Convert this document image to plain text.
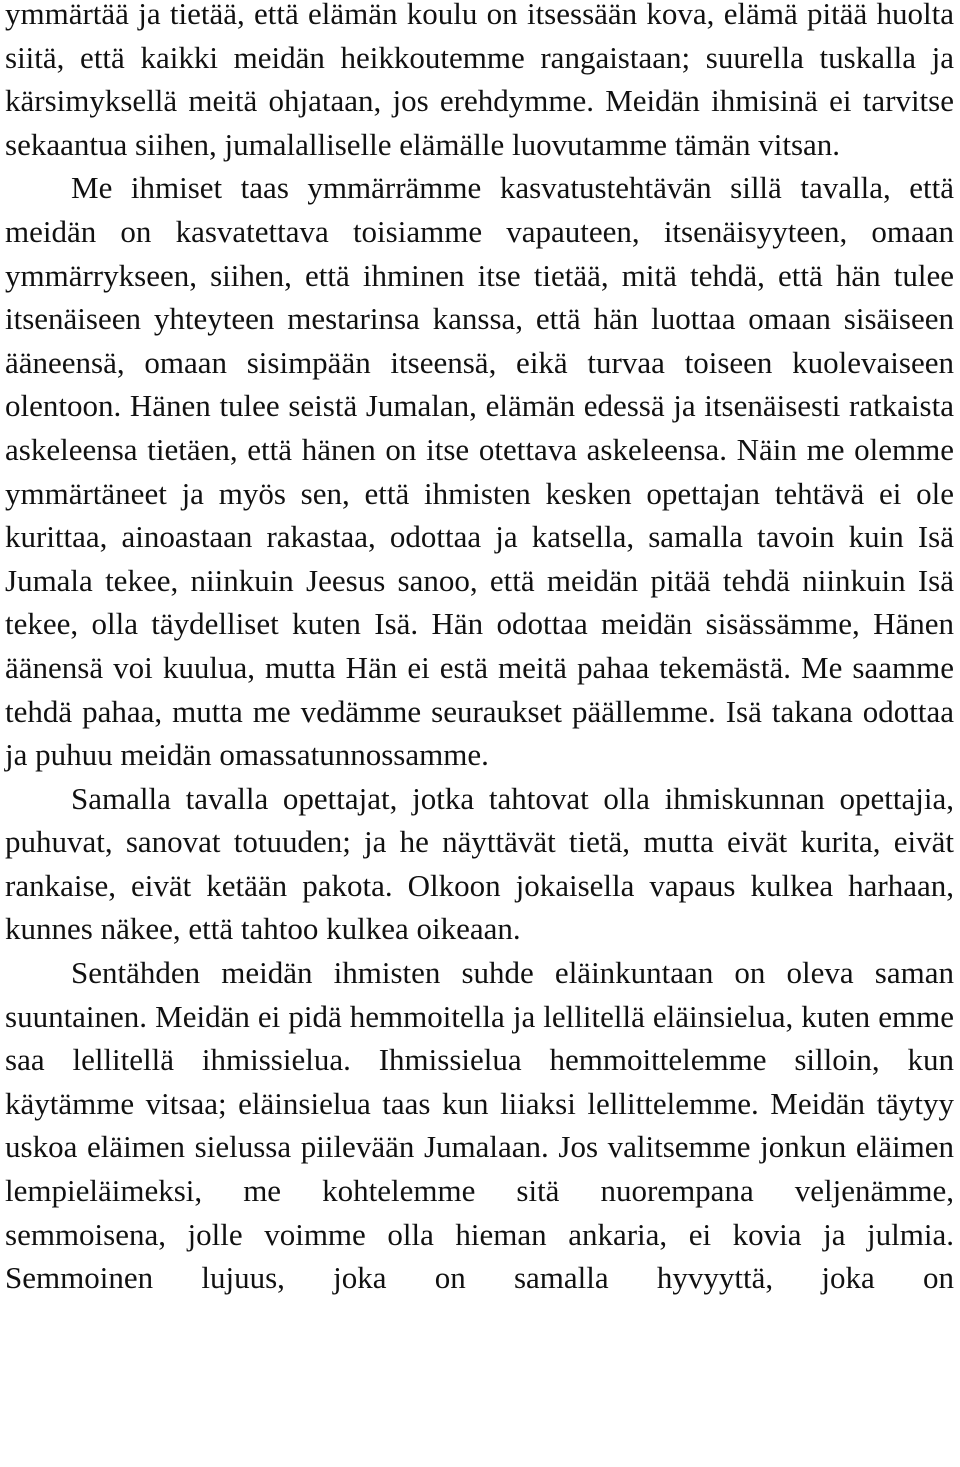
ymmärtää ja tietää, että elämän koulu on itsessään kova, elämä pitää huolta siitä, että kaikki meidän heikkoutemme rangaistaan; suurella tuskalla ja kärsimyksellä meitä ohjataan, jos erehdymme. Meidän ihmisinä ei tarvitse sekaantua siihen, jumalalliselle elämälle luovutamme tämän vitsan.

Me ihmiset taas ymmärrämme kasvatustehtävän sillä tavalla, että meidän on kasvatettava toisiamme vapauteen, itsenäisyyteen, omaan ymmärrykseen, siihen, että ihminen itse tietää, mitä tehdä, että hän tulee itsenäiseen yhteyteen mestarinsa kanssa, että hän luottaa omaan sisäiseen ääneensä, omaan sisimpään itseensä, eikä turvaa toiseen kuolevaiseen olentoon. Hänen tulee seistä Jumalan, elämän edessä ja itsenäisesti ratkaista askeleensa tietäen, että hänen on itse otettava askeleensa. Näin me olemme ymmärtäneet ja myös sen, että ihmisten kesken opettajan tehtävä ei ole kurittaa, ainoastaan rakastaa, odottaa ja katsella, samalla tavoin kuin Isä Jumala tekee, niinkuin Jeesus sanoo, että meidän pitää tehdä niinkuin Isä tekee, olla täydelliset kuten Isä. Hän odottaa meidän sisässämme, Hänen äänensä voi kuulua, mutta Hän ei estä meitä pahaa tekemästä. Me saamme tehdä pahaa, mutta me vedämme seuraukset päällemme. Isä takana odottaa ja puhuu meidän omassatunnossamme.

Samalla tavalla opettajat, jotka tahtovat olla ihmiskunnan opettajia, puhuvat, sanovat totuuden; ja he näyttävät tietä, mutta eivät kurita, eivät rankaise, eivät ketään pakota. Olkoon jokaisella vapaus kulkea harhaan, kunnes näkee, että tahtoo kulkea oikeaan.

Sentähden meidän ihmisten suhde eläinkuntaan on oleva saman suuntainen. Meidän ei pidä hemmoitella ja lellitellä eläinsielua, kuten emme saa lellitellä ihmissielua. Ihmissielua hemmoittelemme silloin, kun käytämme vitsaa; eläinsielua taas kun liiaksi lellittelemme. Meidän täytyy uskoa eläimen sielussa piilevään Jumalaan. Jos valitsemme jonkun eläimen lempieläimeksi, me kohtelemme sitä nuorempana veljenämme, semmoisena, jolle voimme olla hieman ankaria, ei kovia ja julmia. Semmoinen lujuus, joka on samalla hyvyyttä, joka on
